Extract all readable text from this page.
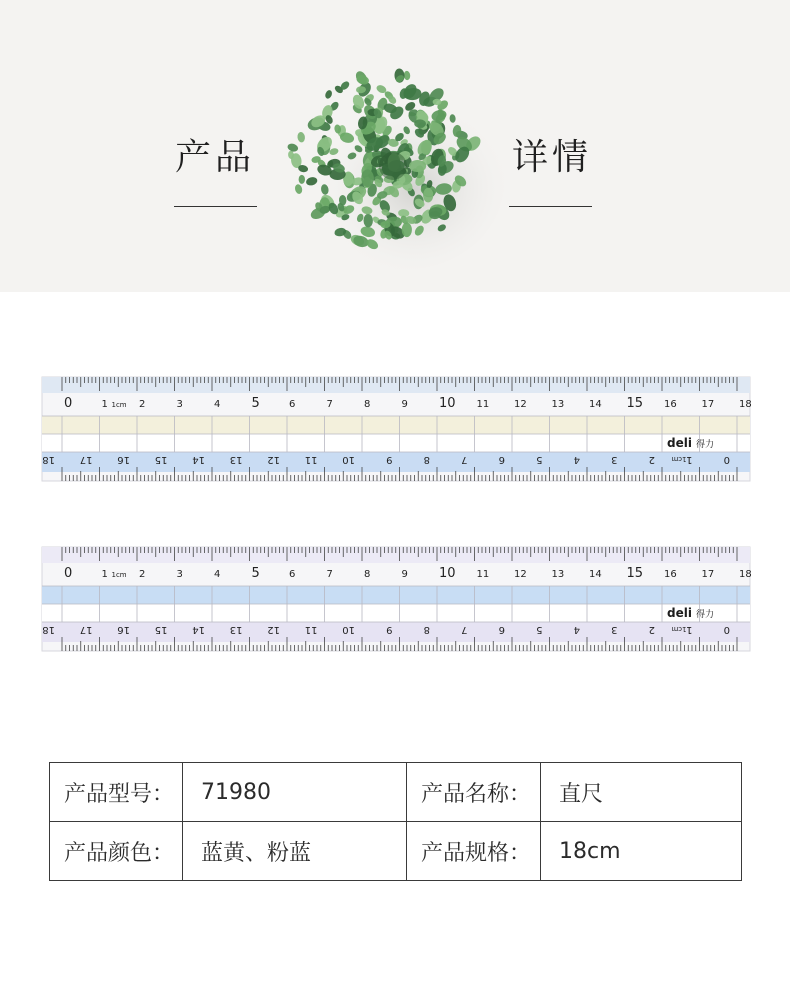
产品	详情
0
0
1
1
2
2
3
3
4
4
5
5
6
6
7
7
8
8
9
9
10
10
11
11
12
12
13
13
14
14
15
15
16
16
17
17
18
18
1cm
1cm
deli 得力
0
0
1
1
2
2
3
3
4
4
5
5
6
6
7
7
8
8
9
9
10
10
11
11
12
12
13
13
14
14
15
15
16
16
17
17
18
18
1cm
1cm
deli 得力
产品型号：	71980	产品名称：	直尺
产品颜色：	蓝黄、粉蓝	产品规格：	18cm
